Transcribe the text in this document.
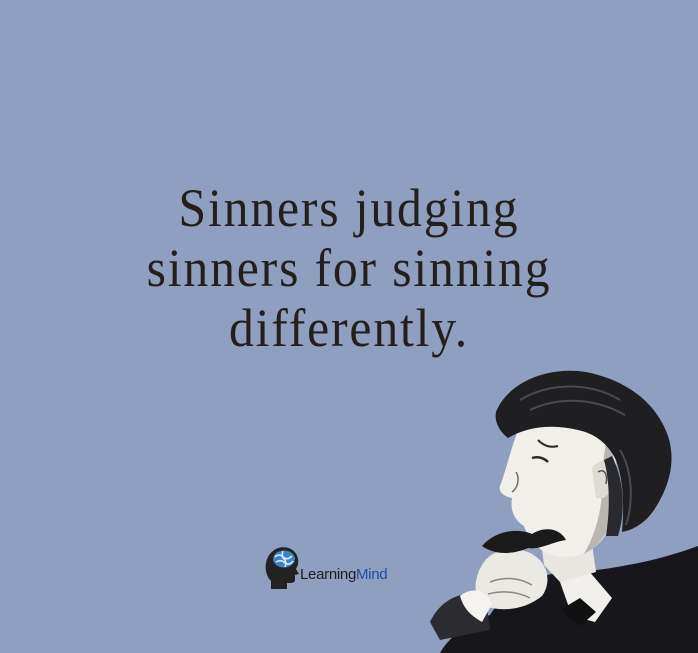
Sinners judging
sinners for sinning
differently.
LearningMind
